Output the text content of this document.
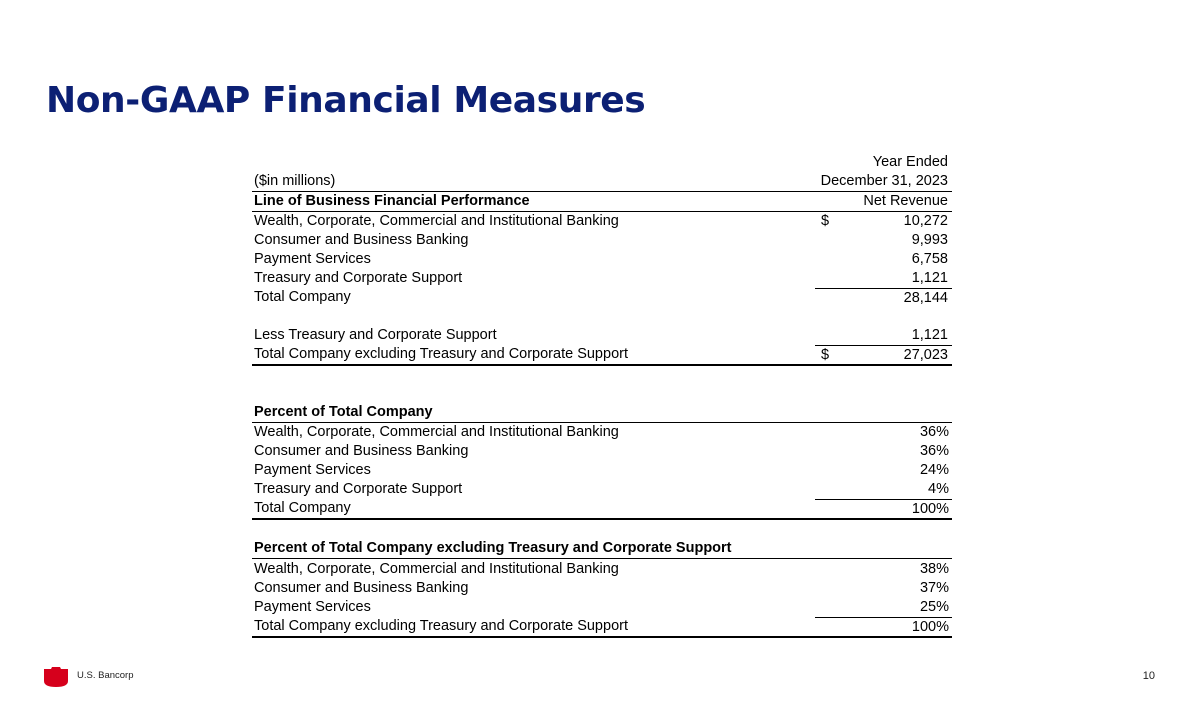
Non-GAAP Financial Measures
Year Ended
($in millions)	December 31, 2023
Line of Business Financial Performance	Net Revenue
Wealth, Corporate, Commercial and Institutional Banking	$	10,272
Consumer and Business Banking	9,993
Payment Services	6,758
Treasury and Corporate Support	1,121
Total Company	28,144
Less Treasury and Corporate Support	1,121
Total Company excluding Treasury and Corporate Support	$	27,023
Percent of Total Company
Wealth, Corporate, Commercial and Institutional Banking	36%
Consumer and Business Banking	36%
Payment Services	24%
Treasury and Corporate Support	4%
Total Company	100%
Percent of Total Company excluding Treasury and Corporate Support
Wealth, Corporate, Commercial and Institutional Banking	38%
Consumer and Business Banking	37%
Payment Services	25%
Total Company excluding Treasury and Corporate Support	100%
U.S. Bancorp	10
